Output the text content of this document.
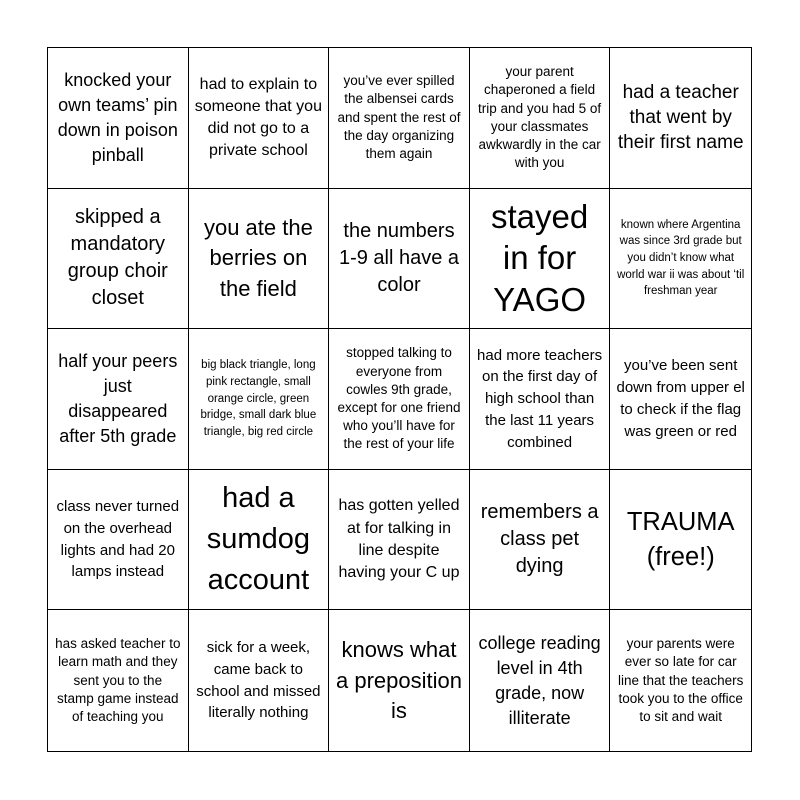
knocked your own teams’ pin down in poison pinball
had to explain to someone that you did not go to a private school
you’ve ever spilled the albensei cards and spent the rest of the day organizing them again
your parent chaperoned a field trip and you had 5 of your classmates awkwardly in the car with you
had a teacher that went by their first name
skipped a mandatory group choir closet
you ate the berries on the field
the numbers 1-9 all have a color
stayed in for YAGO
known where Argentina was since 3rd grade but you didn’t know what world war ii was about ‘til freshman year
half your peers just disappeared after 5th grade
big black triangle, long pink rectangle, small orange circle, green bridge, small dark blue triangle, big red circle
stopped talking to everyone from cowles 9th grade, except for one friend who you’ll have for the rest of your life
had more teachers on the first day of high school than the last 11 years combined
you’ve been sent down from upper el to check if the flag was green or red
class never turned on the overhead lights and had 20 lamps instead
had a sumdog account
has gotten yelled at for talking in line despite having your C up
remembers a class pet dying
TRAUMA (free!)
has asked teacher to learn math and they sent you to the stamp game instead of teaching you
sick for a week, came back to school and missed literally nothing
knows what a preposition is
college reading level in 4th grade, now illiterate
your parents were ever so late for car line that the teachers took you to the office to sit and wait
